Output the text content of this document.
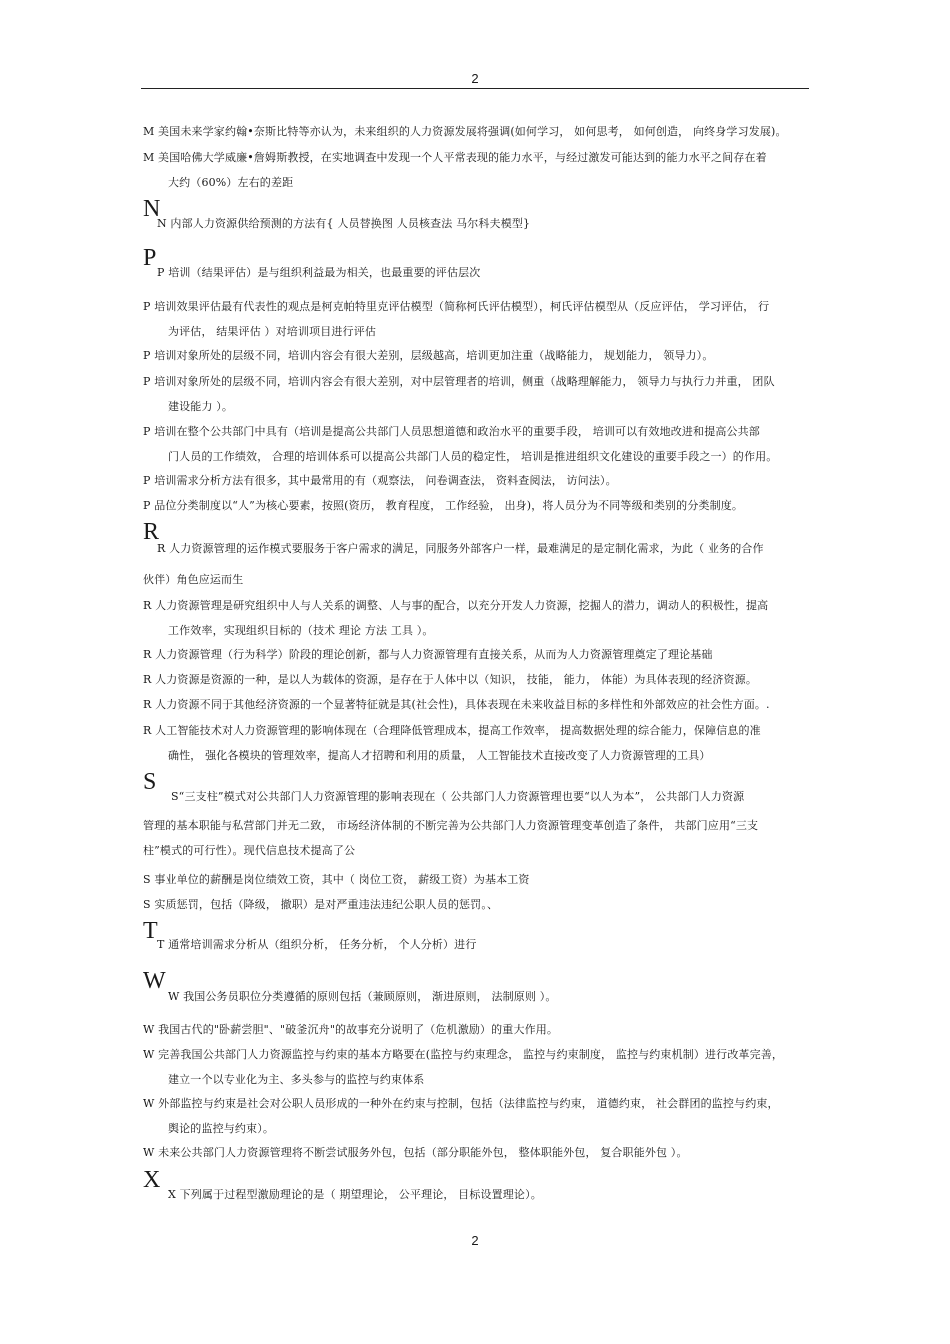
2
M 美国未来学家约翰•奈斯比特等亦认为，未来组织的人力资源发展将强调(如何学习， 如何思考， 如何创造， 向终身学习发展)。
M 美国哈佛大学威廉•詹姆斯教授，在实地调查中发现一个人平常表现的能力水平，与经过激发可能达到的能力水平之间存在着
大约（60%）左右的差距
N
N 内部人力资源供给预测的方法有{ 人员替换图 人员核查法 马尔科夫模型}
P
P 培训（结果评估）是与组织利益最为相关，也最重要的评估层次
P 培训效果评估最有代表性的观点是柯克帕特里克评估模型（简称柯氏评估模型），柯氏评估模型从（反应评估， 学习评估， 行
为评估， 结果评估 ）对培训项目进行评估
P 培训对象所处的层级不同，培训内容会有很大差别，层级越高，培训更加注重（战略能力， 规划能力， 领导力）。
P 培训对象所处的层级不同，培训内容会有很大差别，对中层管理者的培训，侧重（战略理解能力， 领导力与执行力并重， 团队
建设能力 ）。
P 培训在整个公共部门中具有（培训是提高公共部门人员思想道德和政治水平的重要手段， 培训可以有效地改进和提高公共部
门人员的工作绩效， 合理的培训体系可以提高公共部门人员的稳定性， 培训是推进组织文化建设的重要手段之一）的作用。
P 培训需求分析方法有很多，其中最常用的有（观察法， 问卷调查法， 资料查阅法， 访问法）。
P 品位分类制度以“人”为核心要素，按照(资历， 教育程度， 工作经验， 出身)，将人员分为不同等级和类别的分类制度。
R
R 人力资源管理的运作模式要服务于客户需求的满足，同服务外部客户一样，最难满足的是定制化需求，为此（ 业务的合作
伙伴）角色应运而生
R 人力资源管理是研究组织中人与人关系的调整、人与事的配合，以充分开发人力资源，挖掘人的潜力，调动人的积极性，提高
工作效率，实现组织目标的（技术 理论 方法 工具 ）。
R 人力资源管理（行为科学）阶段的理论创新，都与人力资源管理有直接关系，从而为人力资源管理奠定了理论基础
R 人力资源是资源的一种，是以人为载体的资源，是存在于人体中以（知识， 技能， 能力， 体能）为具体表现的经济资源。
R 人力资源不同于其他经济资源的一个显著特征就是其(社会性)，具体表现在未来收益目标的多样性和外部效应的社会性方面。.
R 人工智能技术对人力资源管理的影响体现在（合理降低管理成本，提高工作效率， 提高数据处理的综合能力，保障信息的准
确性， 强化各模块的管理效率，提高人才招聘和利用的质量， 人工智能技术直接改变了人力资源管理的工具）
S
S“三支柱”模式对公共部门人力资源管理的影响表现在（ 公共部门人力资源管理也要“以人为本”， 公共部门人力资源
管理的基本职能与私营部门并无二致， 市场经济体制的不断完善为公共部门人力资源管理变革创造了条件， 共部门应用“三支
柱”模式的可行性）。现代信息技术提高了公
S 事业单位的薪酬是岗位绩效工资，其中（ 岗位工资， 薪级工资）为基本工资
S 实质惩罚，包括（降级， 撤职）是对严重违法违纪公职人员的惩罚。、
T
T 通常培训需求分析从（组织分析， 任务分析， 个人分析）进行
W
W 我国公务员职位分类遵循的原则包括（兼顾原则， 渐进原则， 法制原则 ）。
W 我国古代的"卧薪尝胆"、"破釜沉舟"的故事充分说明了（危机激励）的重大作用。
W 完善我国公共部门人力资源监控与约束的基本方略要在(监控与约束理念， 监控与约束制度， 监控与约束机制）进行改革完善，
建立一个以专业化为主、多头参与的监控与约束体系
W 外部监控与约束是社会对公职人员形成的一种外在约束与控制，包括（法律监控与约束， 道德约束， 社会群团的监控与约束，
舆论的监控与约束）。
W 未来公共部门人力资源管理将不断尝试服务外包，包括（部分职能外包， 整体职能外包， 复合职能外包 ）。
X
X 下列属于过程型激励理论的是（ 期望理论， 公平理论， 目标设置理论）。
2
